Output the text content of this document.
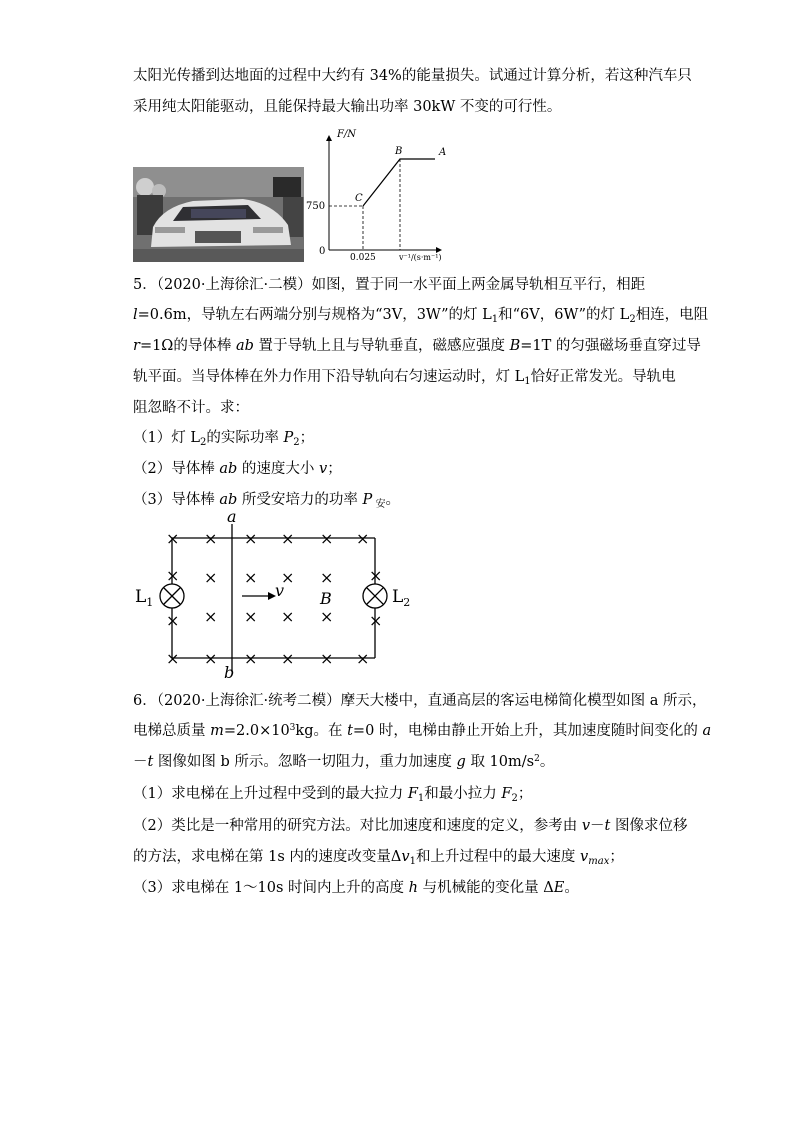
太阳光传播到达地面的过程中大约有 34%的能量损失。试通过计算分析，若这种汽车只
采用纯太阳能驱动，且能保持最大输出功率 30kW 不变的可行性。
F/N
v⁻¹/(s·m⁻¹)
0
750
0.025
A
B
C
5．（2020·上海徐汇·二模）如图，置于同一水平面上两金属导轨相互平行，相距
l=0.6m，导轨左右两端分别与规格为“3V，3W”的灯 $L_1$和“6V，6W”的灯 $L_2$相连，电阻
r=1Ω的导体棒 ab 置于导轨上且与导轨垂直，磁感应强度 B=1T 的匀强磁场垂直穿过导
轨平面。当导体棒在外力作用下沿导轨向右匀速运动时，灯 $L_1$恰好正常发光。导轨电
阻忽略不计。求：
（1）灯 $L_2$的实际功率 $P_2$；
（2）导体棒 ab 的速度大小 v；
（3）导体棒 ab 所受安培力的功率 P $_安$。
a
b
v B
$L_1$	$L_2$
× × × × × ×
× × × ×
× × × ×
× × × × × ×
×
×
×
×
6．（2020·上海徐汇·统考二模）摩天大楼中，直通高层的客运电梯简化模型如图 a 所示，
电梯总质量 $m=2.0\times 10^3kg$。在 t=0 时，电梯由静止开始上升，其加速度随时间变化的 a
－t 图像如图 b 所示。忽略一切阻力，重力加速度 g 取 $10m/s^2$。
（1）求电梯在上升过程中受到的最大拉力 $F_1$和最小拉力 $F_2$；
（2）类比是一种常用的研究方法。对比加速度和速度的定义，参考由 v－t 图像求位移
的方法，求电梯在第 1s 内的速度改变量$\Delta v_1$和上升过程中的最大速度 $v_{max}$；
（3）求电梯在 1～10s 时间内上升的高度 h 与机械能的变化量 ΔE。
